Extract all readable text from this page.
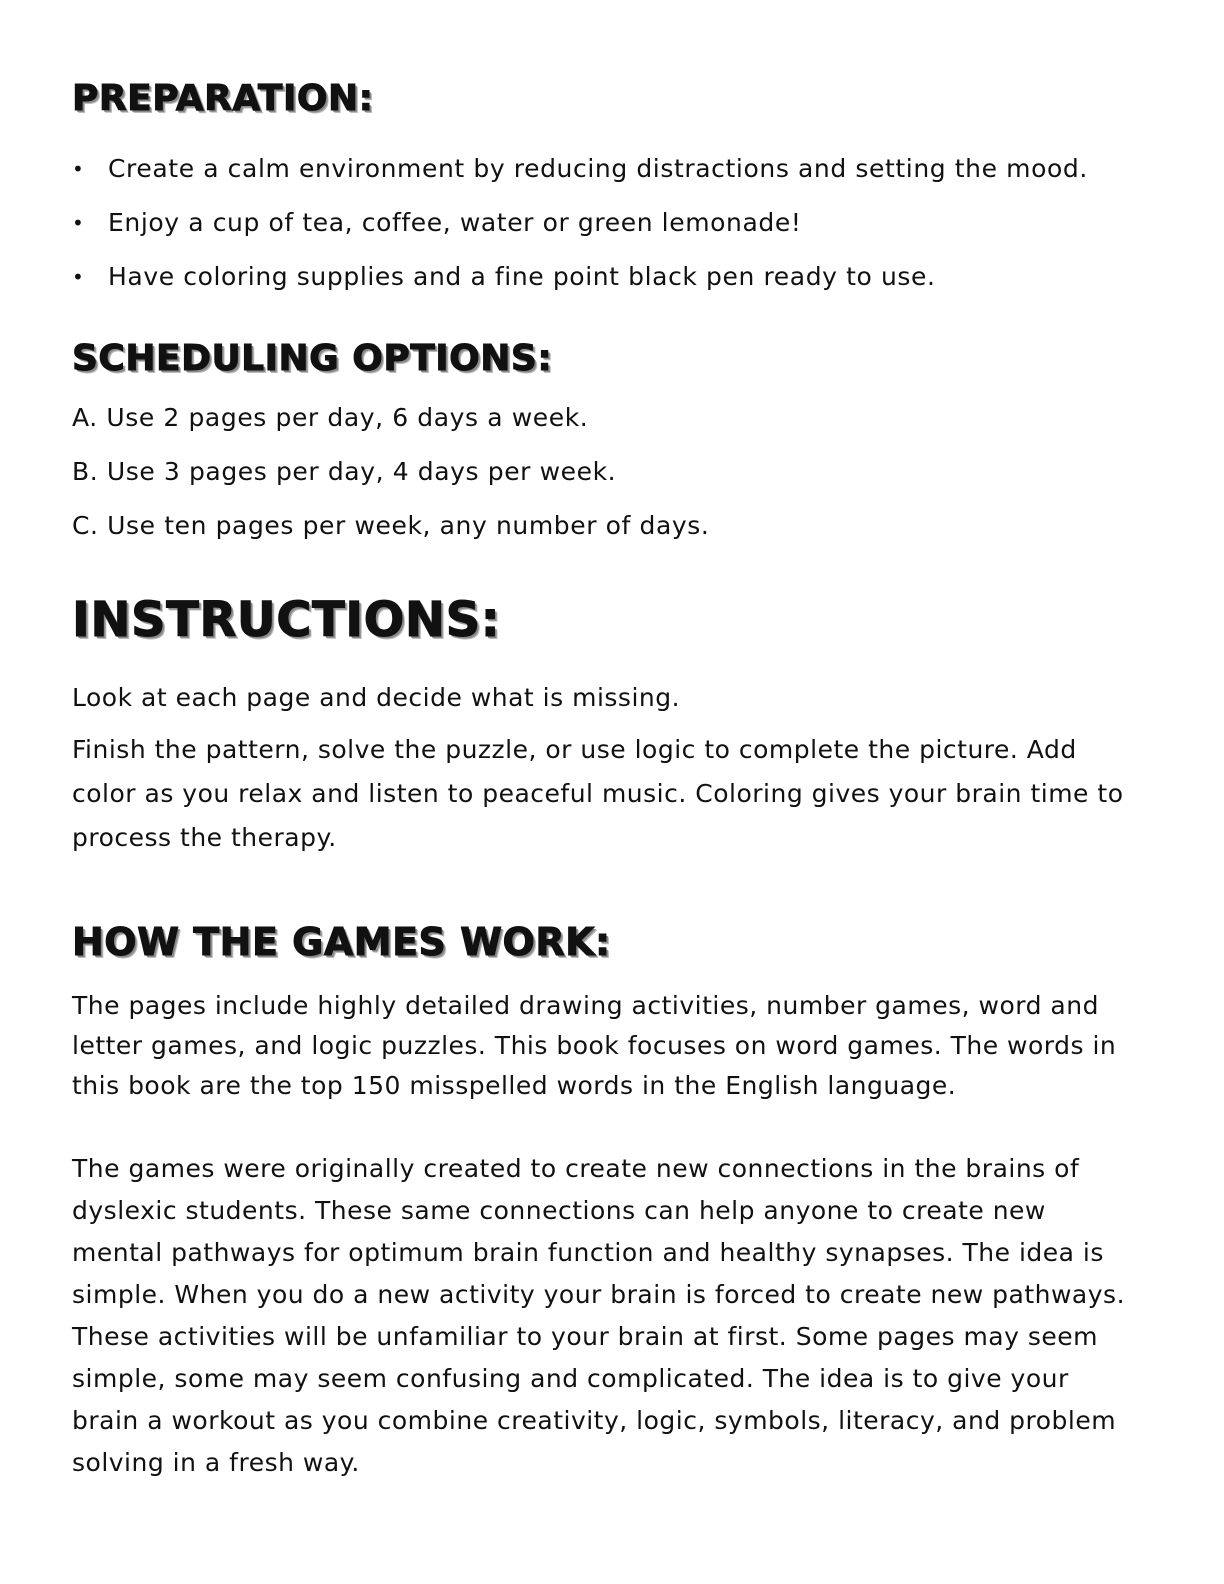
PREPARATION:
• Create a calm environment by reducing distractions and setting the mood.
• Enjoy a cup of tea, coffee, water or green lemonade!
• Have coloring supplies and a fine point black pen ready to use.
SCHEDULING OPTIONS:
A. Use 2 pages per day, 6 days a week.
B. Use 3 pages per day, 4 days per week.
C. Use ten pages per week, any number of days.
INSTRUCTIONS:

Look at each page and decide what is missing.

Finish the pattern, solve the puzzle, or use logic to complete the picture. Add color as you relax and listen to peaceful music. Coloring gives your brain time to process the therapy.

HOW THE GAMES WORK:

The pages include highly detailed drawing activities, number games, word and letter games, and logic puzzles. This book focuses on word games. The words in this book are the top 150 misspelled words in the English language.

The games were originally created to create new connections in the brains of dyslexic students. These same connections can help anyone to create new mental pathways for optimum brain function and healthy synapses. The idea is simple. When you do a new activity your brain is forced to create new pathways. These activities will be unfamiliar to your brain at first. Some pages may seem simple, some may seem confusing and complicated. The idea is to give your brain a workout as you combine creativity, logic, symbols, literacy, and problem solving in a fresh way.
